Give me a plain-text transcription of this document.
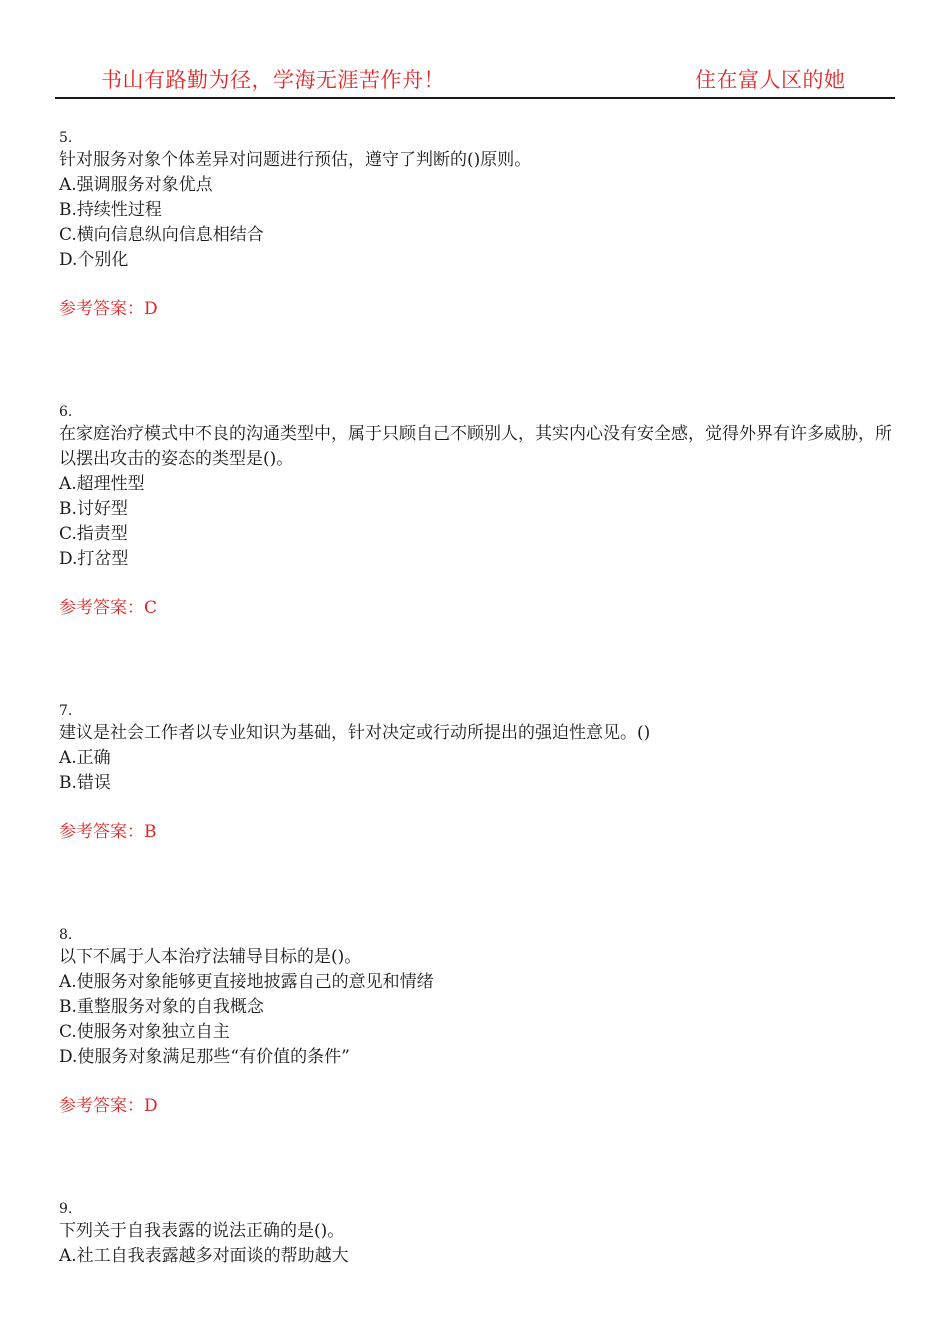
书山有路勤为径，学海无涯苦作舟！	住在富人区的她
5.
针对服务对象个体差异对问题进行预估，遵守了判断的()原则。
A.强调服务对象优点
B.持续性过程
C.横向信息纵向信息相结合
D.个别化
参考答案：D
6.
在家庭治疗模式中不良的沟通类型中，属于只顾自己不顾别人，其实内心没有安全感，觉得外界有许多威胁，所以摆出攻击的姿态的类型是()。
A.超理性型
B.讨好型
C.指责型
D.打岔型
参考答案：C
7.
建议是社会工作者以专业知识为基础，针对决定或行动所提出的强迫性意见。()
A.正确
B.错误
参考答案：B
8.
以下不属于人本治疗法辅导目标的是()。
A.使服务对象能够更直接地披露自己的意见和情绪
B.重整服务对象的自我概念
C.使服务对象独立自主
D.使服务对象满足那些“有价值的条件”
参考答案：D
9.
下列关于自我表露的说法正确的是()。
A.社工自我表露越多对面谈的帮助越大
